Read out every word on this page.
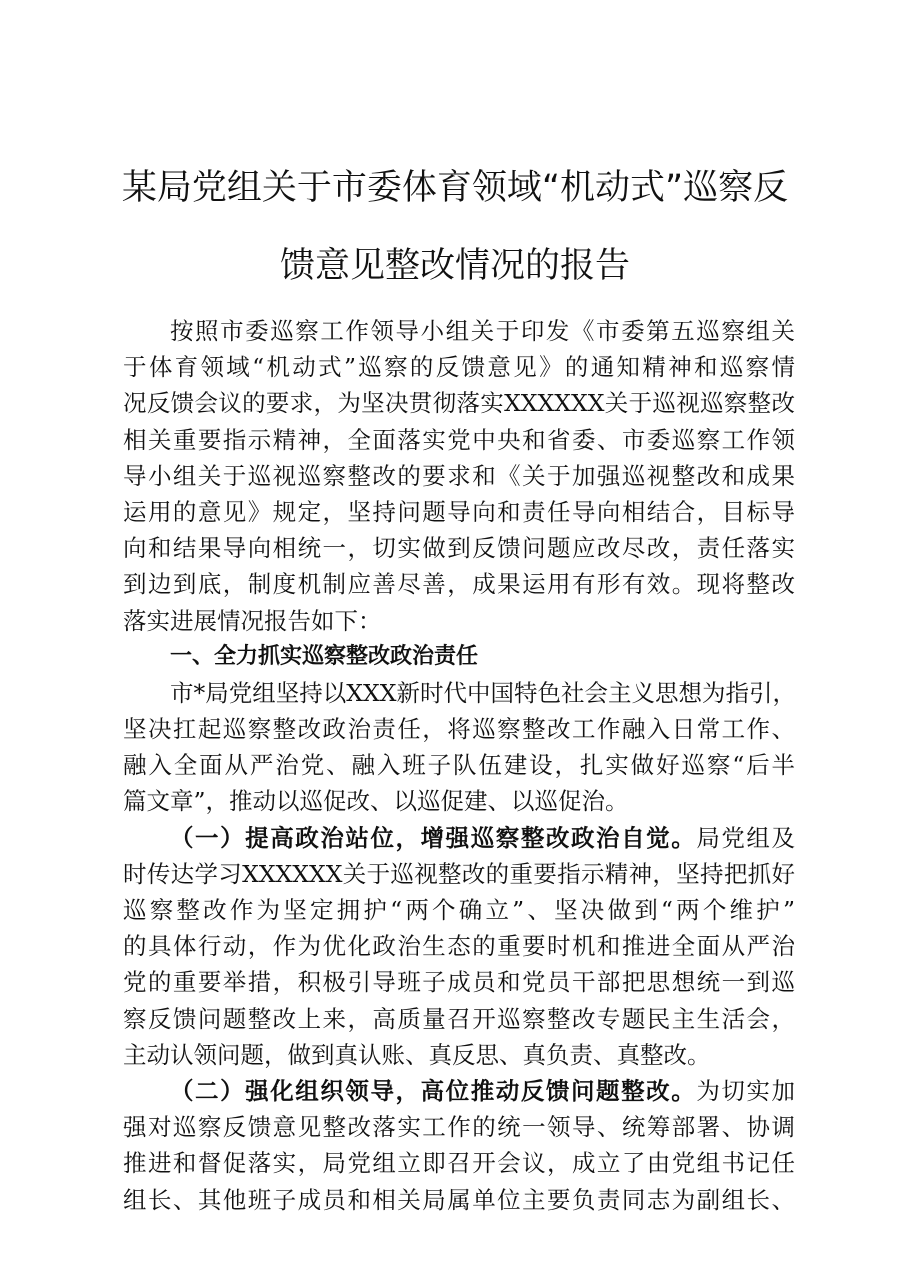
某局党组关于市委体育领域“机动式”巡察反
馈意见整改情况的报告
按照市委巡察工作领导小组关于印发《市委第五巡察组关
于体育领域“机动式”巡察的反馈意见》的通知精神和巡察情
况反馈会议的要求，为坚决贯彻落实XXXXXX关于巡视巡察整改
相关重要指示精神，全面落实党中央和省委、市委巡察工作领
导小组关于巡视巡察整改的要求和《关于加强巡视整改和成果
运用的意见》规定，坚持问题导向和责任导向相结合，目标导
向和结果导向相统一，切实做到反馈问题应改尽改，责任落实
到边到底，制度机制应善尽善，成果运用有形有效。现将整改
落实进展情况报告如下：
一、全力抓实巡察整改政治责任
市*局党组坚持以XXX新时代中国特色社会主义思想为指引，
坚决扛起巡察整改政治责任，将巡察整改工作融入日常工作、
融入全面从严治党、融入班子队伍建设，扎实做好巡察“后半
篇文章”，推动以巡促改、以巡促建、以巡促治。
（一）提高政治站位，增强巡察整改政治自觉。局党组及
时传达学习XXXXXX关于巡视整改的重要指示精神，坚持把抓好
巡察整改作为坚定拥护“两个确立”、坚决做到“两个维护”
的具体行动，作为优化政治生态的重要时机和推进全面从严治
党的重要举措，积极引导班子成员和党员干部把思想统一到巡
察反馈问题整改上来，高质量召开巡察整改专题民主生活会，
主动认领问题，做到真认账、真反思、真负责、真整改。
（二）强化组织领导，高位推动反馈问题整改。为切实加
强对巡察反馈意见整改落实工作的统一领导、统筹部署、协调
推进和督促落实，局党组立即召开会议，成立了由党组书记任
组长、其他班子成员和相关局属单位主要负责同志为副组长、
